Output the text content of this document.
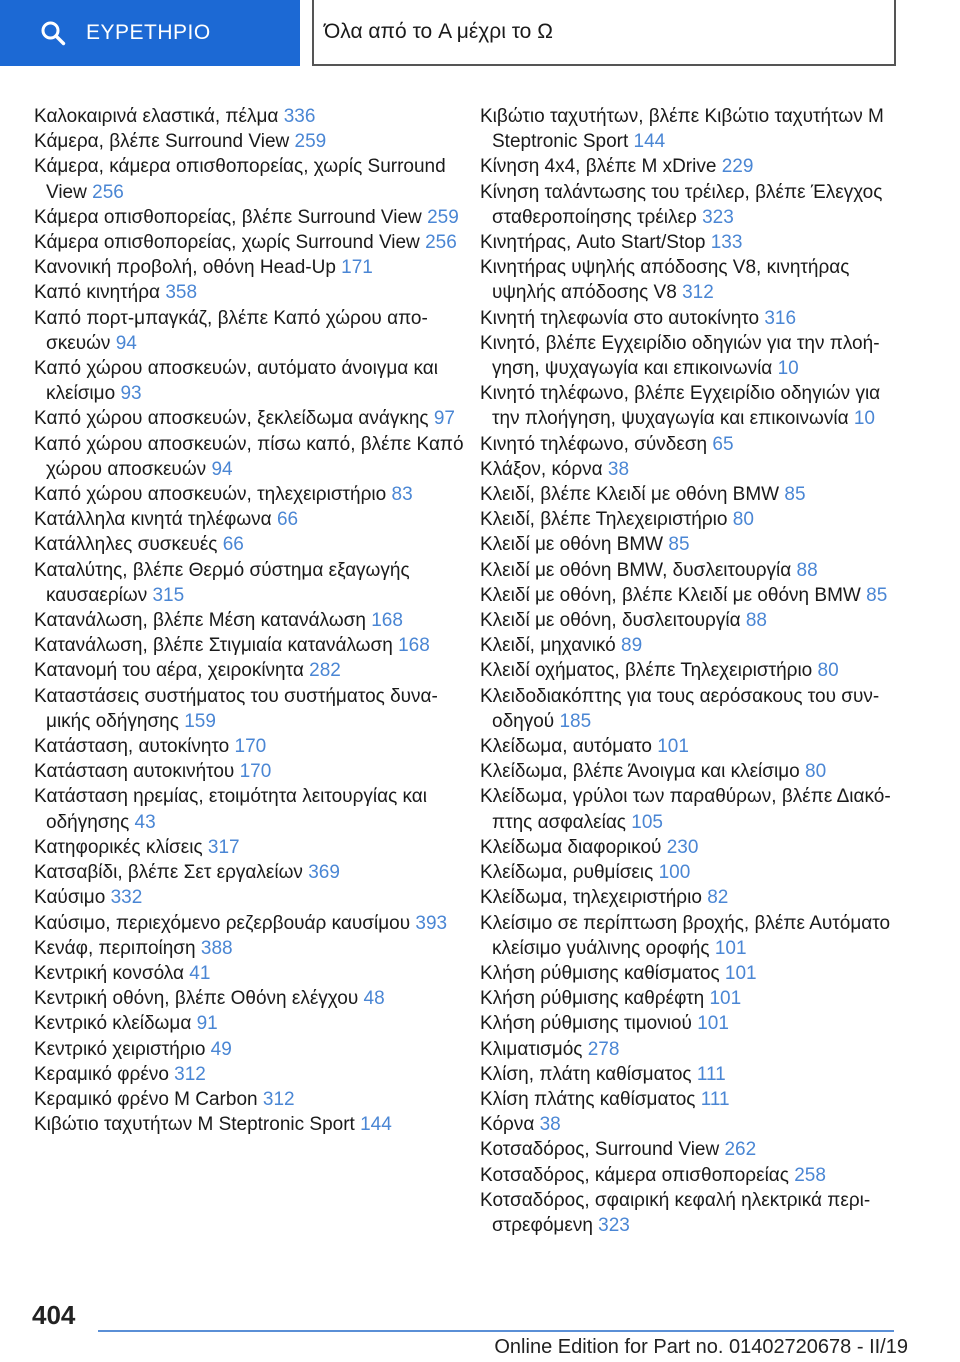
ΕΥΡΕΤΗΡΙΟ	Όλα από το A μέχρι το Ω
Καλοκαιρινά ελαστικά, πέλμα 336
Κάμερα, βλέπε Surround View 259
Κάμερα, κάμερα οπισθοπορείας, χωρίς Surround View 256
Κάμερα οπισθοπορείας, βλέπε Surround View 259
Κάμερα οπισθοπορείας, χωρίς Surround View 256
Κανονική προβολή, οθόνη Head-Up 171
Καπό κινητήρα 358
Καπό πορτ-μπαγκάζ, βλέπε Καπό χώρου αποσκευών 94
Καπό χώρου αποσκευών, αυτόματο άνοιγμα και κλείσιμο 93
Καπό χώρου αποσκευών, ξεκλείδωμα ανάγκης 97
Καπό χώρου αποσκευών, πίσω καπό, βλέπε Καπό χώρου αποσκευών 94
Καπό χώρου αποσκευών, τηλεχειριστήριο 83
Κατάλληλα κινητά τηλέφωνα 66
Κατάλληλες συσκευές 66
Καταλύτης, βλέπε Θερμό σύστημα εξαγωγής καυσαερίων 315
Κατανάλωση, βλέπε Μέση κατανάλωση 168
Κατανάλωση, βλέπε Στιγμιαία κατανάλωση 168
Κατανομή του αέρα, χειροκίνητα 282
Καταστάσεις συστήματος του συστήματος δυναμικής οδήγησης 159
Κατάσταση, αυτοκίνητο 170
Κατάσταση αυτοκινήτου 170
Κατάσταση ηρεμίας, ετοιμότητα λειτουργίας και οδήγησης 43
Κατηφορικές κλίσεις 317
Κατσαβίδι, βλέπε Σετ εργαλείων 369
Καύσιμο 332
Καύσιμο, περιεχόμενο ρεζερβουάρ καυσίμου 393
Κενάφ, περιποίηση 388
Κεντρική κονσόλα 41
Κεντρική οθόνη, βλέπε Οθόνη ελέγχου 48
Κεντρικό κλείδωμα 91
Κεντρικό χειριστήριο 49
Κεραμικό φρένο 312
Κεραμικό φρένο M Carbon 312
Κιβώτιο ταχυτήτων M Steptronic Sport 144
Κιβώτιο ταχυτήτων, βλέπε Κιβώτιο ταχυτήτων M Steptronic Sport 144
Κίνηση 4x4, βλέπε M xDrive 229
Κίνηση ταλάντωσης του τρέιλερ, βλέπε Έλεγχος σταθεροποίησης τρέιλερ 323
Κινητήρας, Auto Start/Stop 133
Κινητήρας υψηλής απόδοσης V8, κινητήρας υψηλής απόδοσης V8 312
Κινητή τηλεφωνία στο αυτοκίνητο 316
Κινητό, βλέπε Εγχειρίδιο οδηγιών για την πλοήγηση, ψυχαγωγία και επικοινωνία 10
Κινητό τηλέφωνο, βλέπε Εγχειρίδιο οδηγιών για την πλοήγηση, ψυχαγωγία και επικοινωνία 10
Κινητό τηλέφωνο, σύνδεση 65
Κλάξον, κόρνα 38
Κλειδί, βλέπε Κλειδί με οθόνη BMW 85
Κλειδί, βλέπε Τηλεχειριστήριο 80
Κλειδί με οθόνη BMW 85
Κλειδί με οθόνη BMW, δυσλειτουργία 88
Κλειδί με οθόνη, βλέπε Κλειδί με οθόνη BMW 85
Κλειδί με οθόνη, δυσλειτουργία 88
Κλειδί, μηχανικό 89
Κλειδί οχήματος, βλέπε Τηλεχειριστήριο 80
Κλειδοδιακόπτης για τους αερόσακους του συνοδηγού 185
Κλείδωμα, αυτόματο 101
Κλείδωμα, βλέπε Άνοιγμα και κλείσιμο 80
Κλείδωμα, γρύλοι των παραθύρων, βλέπε Διακόπτης ασφαλείας 105
Κλείδωμα διαφορικού 230
Κλείδωμα, ρυθμίσεις 100
Κλείδωμα, τηλεχειριστήριο 82
Κλείσιμο σε περίπτωση βροχής, βλέπε Αυτόματο κλείσιμο γυάλινης οροφής 101
Κλήση ρύθμισης καθίσματος 101
Κλήση ρύθμισης καθρέφτη 101
Κλήση ρύθμισης τιμονιού 101
Κλιματισμός 278
Κλίση, πλάτη καθίσματος 111
Κλίση πλάτης καθίσματος 111
Κόρνα 38
Κοτσαδόρος, Surround View 262
Κοτσαδόρος, κάμερα οπισθοπορείας 258
Κοτσαδόρος, σφαιρική κεφαλή ηλεκτρικά περιστρεφόμενη 323
404
Online Edition for Part no. 01402720678 - II/19
